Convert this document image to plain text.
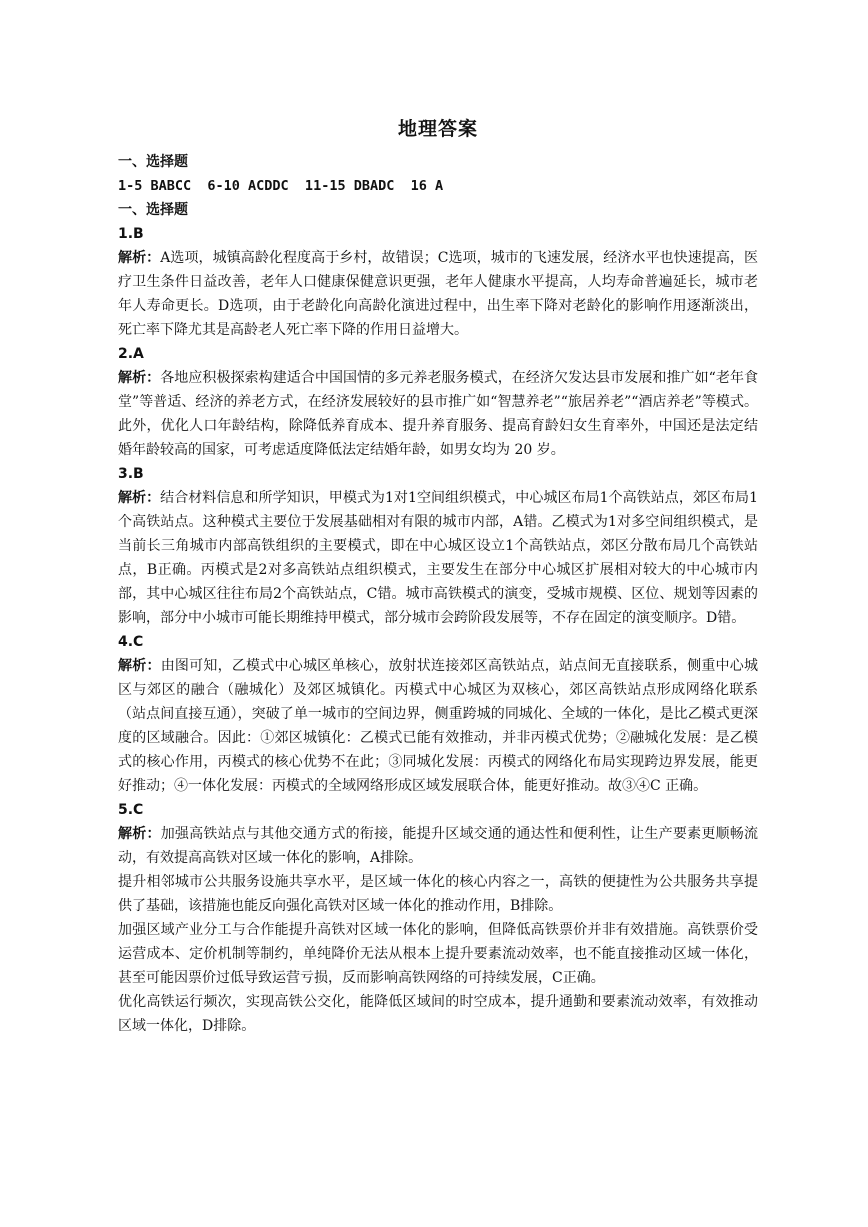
地理答案

一、选择题

1-5 BABCC  6-10 ACDDC  11-15 DBADC  16 A

一、选择题

1.B

解析：A选项，城镇高龄化程度高于乡村，故错误；C选项，城市的飞速发展，经济水平也快速提高，医疗卫生条件日益改善，老年人口健康保健意识更强，老年人健康水平提高，人均寿命普遍延长，城市老年人寿命更长。D选项，由于老龄化向高龄化演进过程中，出生率下降对老龄化的影响作用逐渐淡出，死亡率下降尤其是高龄老人死亡率下降的作用日益增大。

2.A

解析：各地应积极探索构建适合中国国情的多元养老服务模式，在经济欠发达县市发展和推广如“老年食堂”等普适、经济的养老方式，在经济发展较好的县市推广如“智慧养老”“旅居养老”“酒店养老”等模式。此外，优化人口年龄结构，除降低养育成本、提升养育服务、提高育龄妇女生育率外，中国还是法定结婚年龄较高的国家，可考虑适度降低法定结婚年龄，如男女均为 20 岁。

3.B

解析：结合材料信息和所学知识，甲模式为1对1空间组织模式，中心城区布局1个高铁站点，郊区布局1个高铁站点。这种模式主要位于发展基础相对有限的城市内部，A错。乙模式为1对多空间组织模式，是当前长三角城市内部高铁组织的主要模式，即在中心城区设立1个高铁站点，郊区分散布局几个高铁站点，B正确。丙模式是2对多高铁站点组织模式，主要发生在部分中心城区扩展相对较大的中心城市内部，其中心城区往往布局2个高铁站点，C错。城市高铁模式的演变，受城市规模、区位、规划等因素的影响，部分中小城市可能长期维持甲模式，部分城市会跨阶段发展等，不存在固定的演变顺序。D错。

4.C

解析：由图可知，乙模式中心城区单核心，放射状连接郊区高铁站点，站点间无直接联系，侧重中心城区与郊区的融合（融城化）及郊区城镇化。丙模式中心城区为双核心，郊区高铁站点形成网络化联系（站点间直接互通），突破了单一城市的空间边界，侧重跨城的同城化、全域的一体化，是比乙模式更深度的区域融合。因此：①郊区城镇化：乙模式已能有效推动，并非丙模式优势；②融城化发展：是乙模式的核心作用，丙模式的核心优势不在此；③同城化发展：丙模式的网络化布局实现跨边界发展，能更好推动；④一体化发展：丙模式的全域网络形成区域发展联合体，能更好推动。故③④C 正确。

5.C

解析：加强高铁站点与其他交通方式的衔接，能提升区域交通的通达性和便利性，让生产要素更顺畅流动，有效提高高铁对区域一体化的影响，A排除。

提升相邻城市公共服务设施共享水平，是区域一体化的核心内容之一，高铁的便捷性为公共服务共享提供了基础，该措施也能反向强化高铁对区域一体化的推动作用，B排除。

加强区域产业分工与合作能提升高铁对区域一体化的影响，但降低高铁票价并非有效措施。高铁票价受运营成本、定价机制等制约，单纯降价无法从根本上提升要素流动效率，也不能直接推动区域一体化，甚至可能因票价过低导致运营亏损，反而影响高铁网络的可持续发展，C正确。

优化高铁运行频次，实现高铁公交化，能降低区域间的时空成本，提升通勤和要素流动效率，有效推动区域一体化，D排除。
